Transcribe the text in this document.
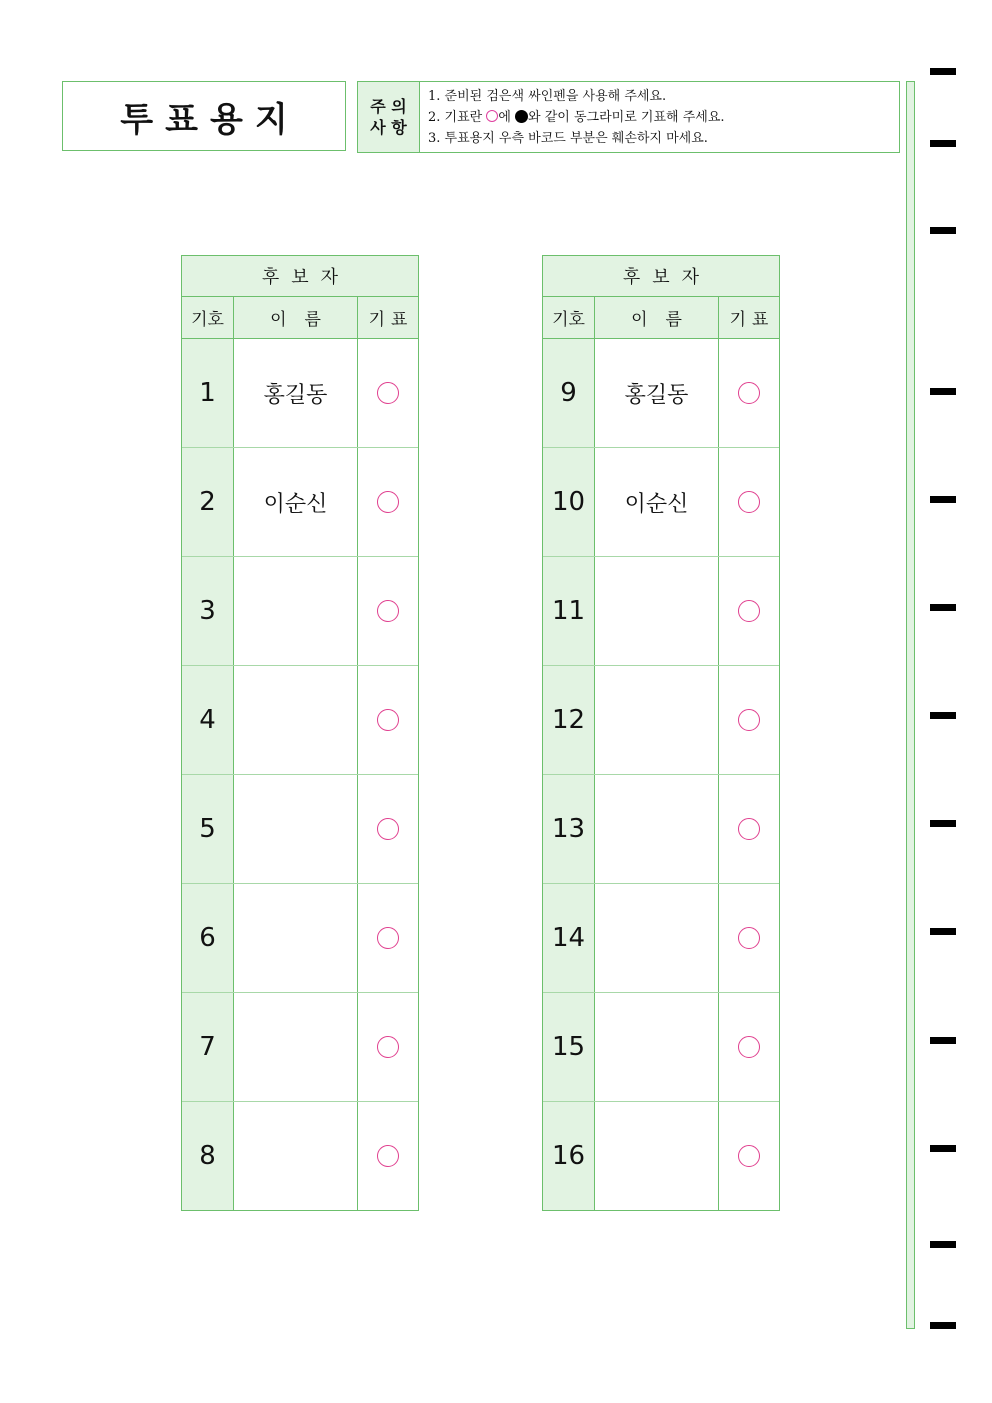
투표용지	주 의
사 항
1. 준비된 검은색 싸인펜을 사용해 주세요.
2. 기표란 에 와 같이 동그라미로 기표해 주세요.
3. 투표용지 우측 바코드 부분은 훼손하지 마세요.
후보자
기호	이름	기표
1	홍길동
2	이순신
3
4
5
6
7
8
후보자
기호	이름	기표
9	홍길동
10	이순신
11
12
13
14
15
16
